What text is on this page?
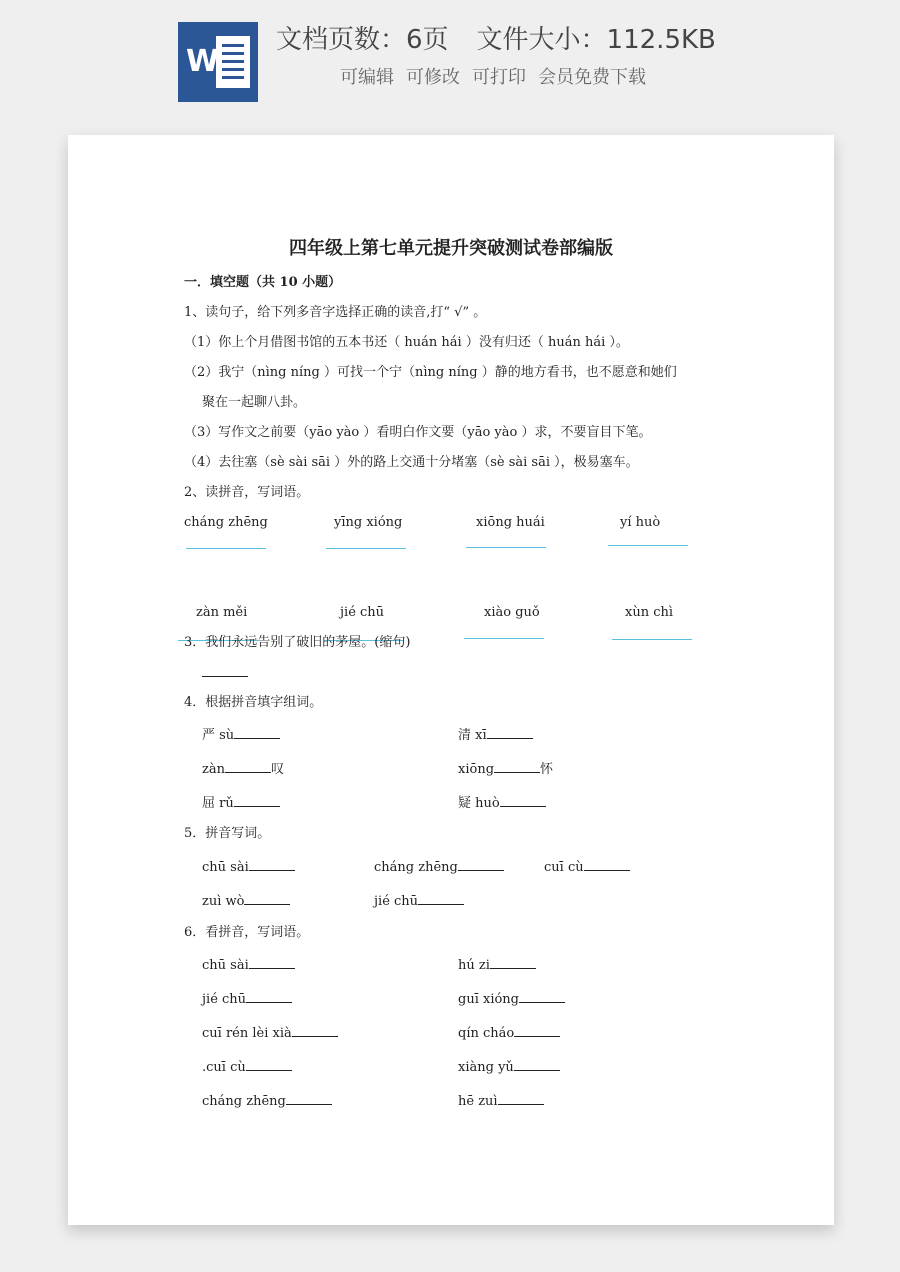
W
文档页数：6页 文件大小：112.5KB
可编辑 可修改 可打印 会员免费下载
四年级上第七单元提升突破测试卷部编版
一．填空题（共 10 小题）
1、读句子，给下列多音字选择正确的读音,打“ √” 。
（1）你上个月借图书馆的五本书还（ huán hái ）没有归还（ huán hái ）。
（2）我宁（nìng níng ）可找一个宁（nìng níng ）静的地方看书，也不愿意和她们
聚在一起聊八卦。
（3）写作文之前要（yāo yào ）看明白作文要（yāo yào ）求，不要盲目下笔。
（4）去往塞（sè sài sāi ）外的路上交通十分堵塞（sè sài sāi ），极易塞车。
2、读拼音，写词语。
cháng zhēng	yīng xióng	xiōng huái	yí huò
zàn měi	jié chū	xiào guǒ	xùn chì
3．我们永远告别了破旧的茅屋。(缩句)
4．根据拼音填字组词。
严 sù	清 xī
zàn	叹	xiōng	怀
屈 rǔ	疑 huò
5．拼音写词。
chū sài	cháng zhēng	cuī cù
zuì wò	jié chū
6．看拼音，写词语。
chū sài	hú zi
jié chū	guī xióng
cuī rén lèi xià	qín cháo
.cuī cù	xiàng yǔ
cháng zhēng	hē zuì
